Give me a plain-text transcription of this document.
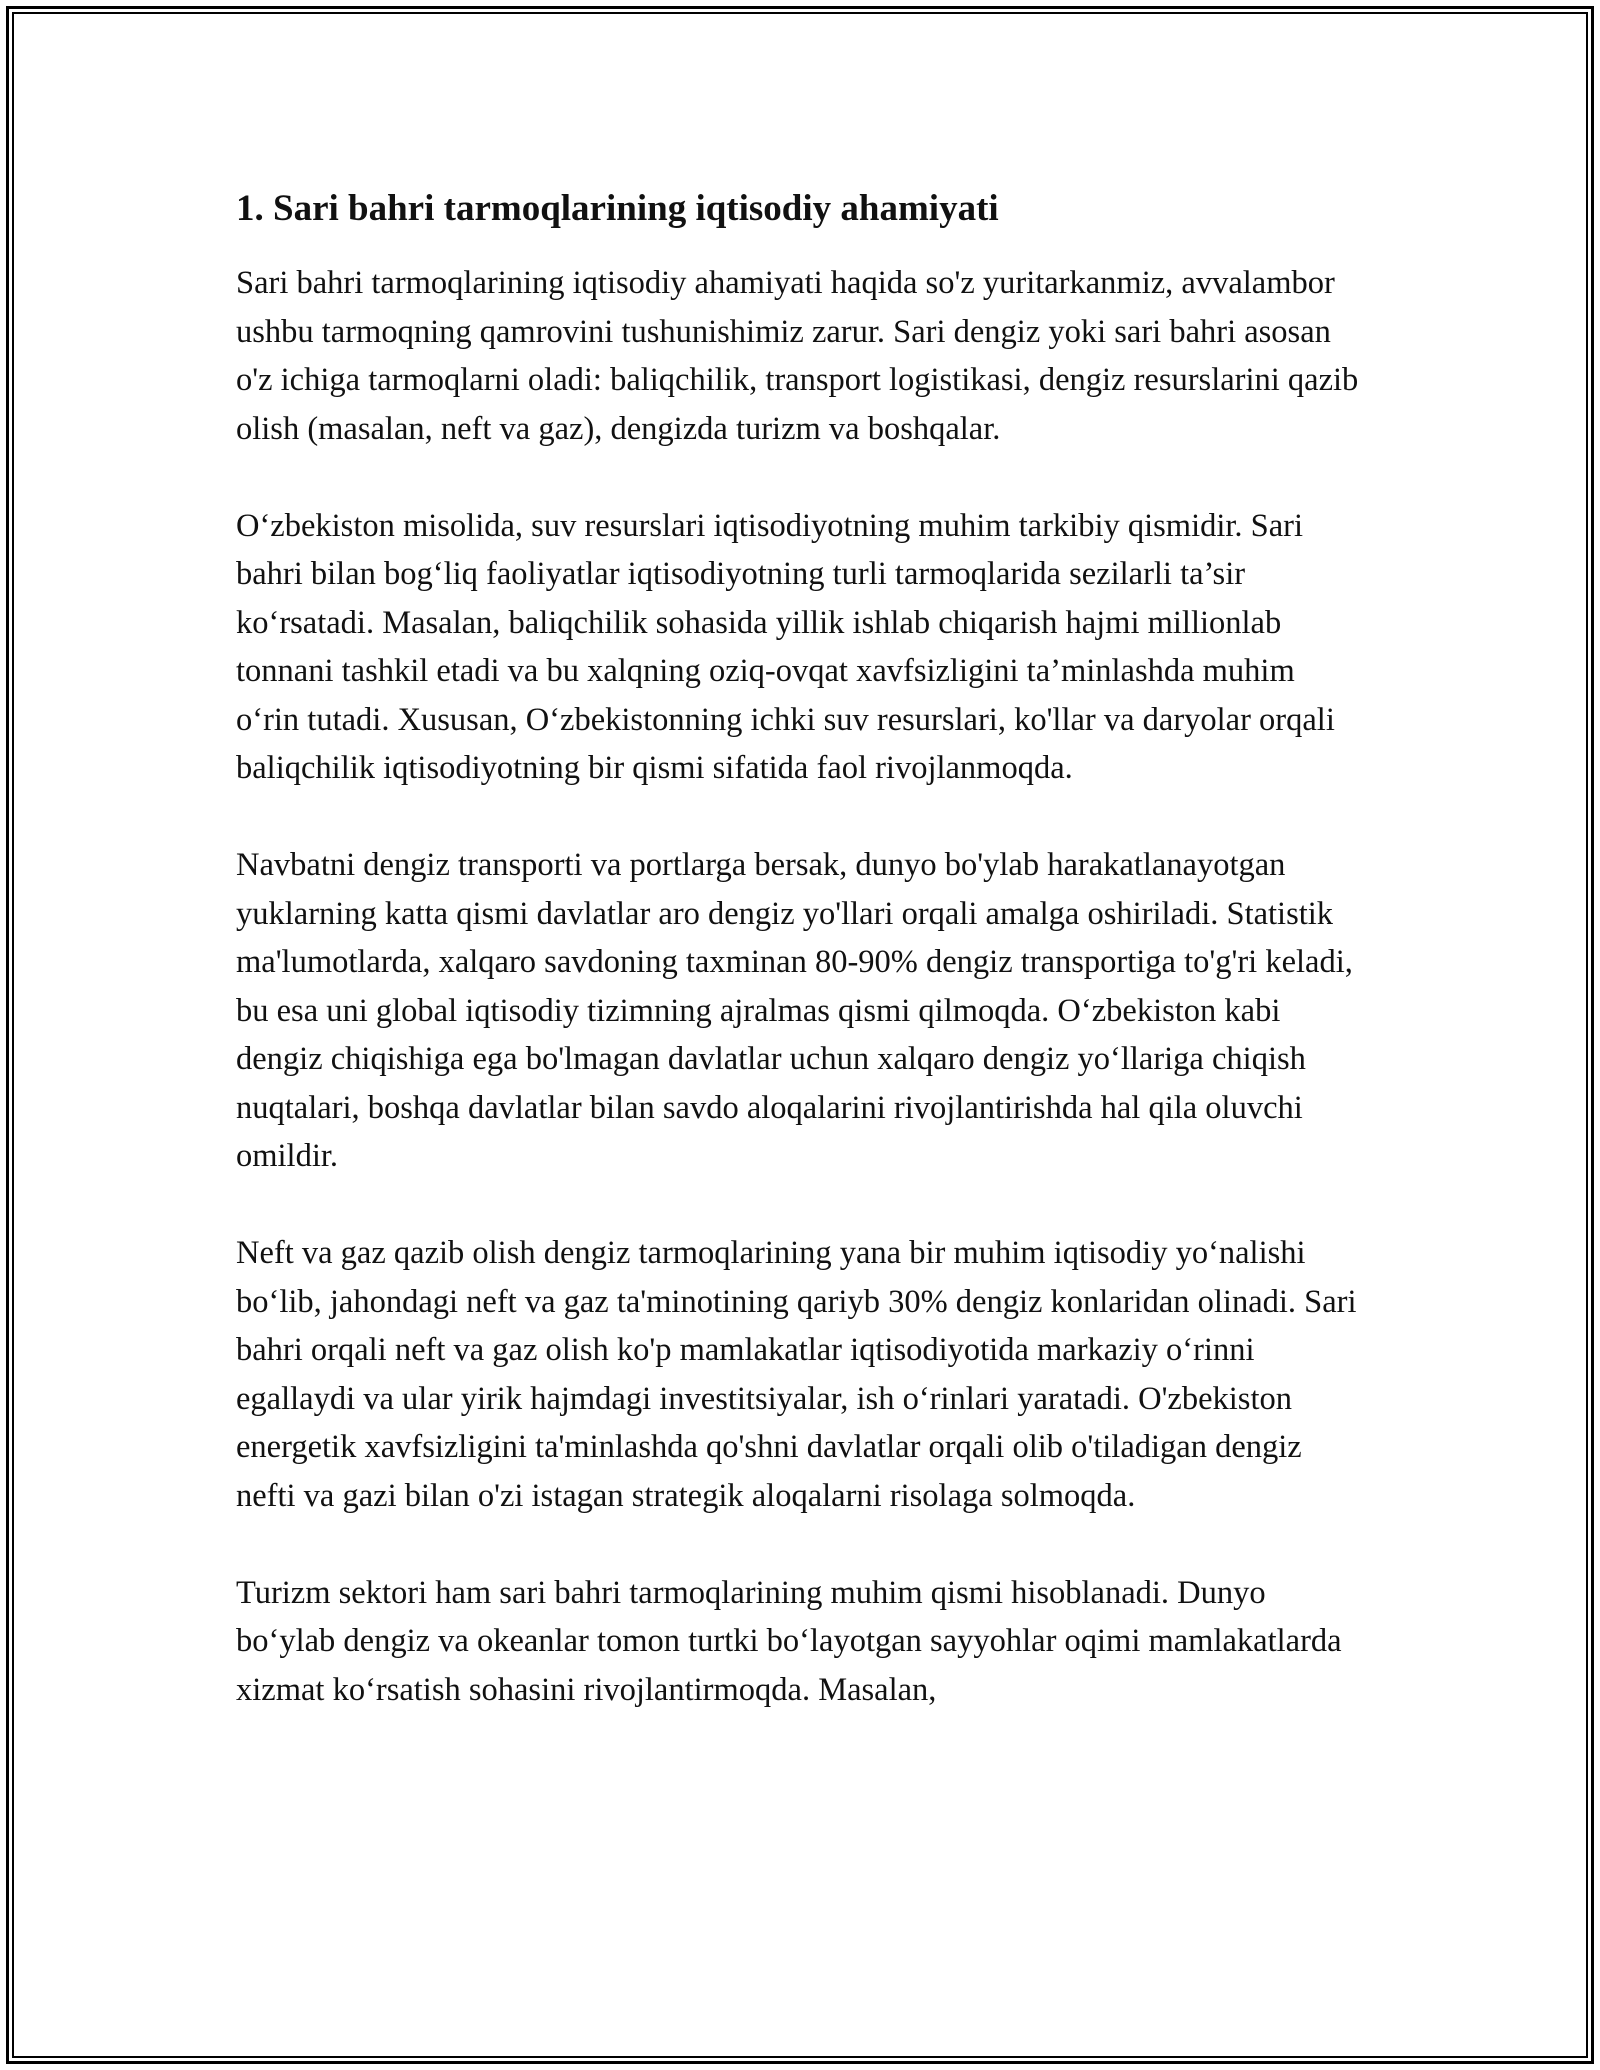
1. Sari bahri tarmoqlarining iqtisodiy ahamiyati

Sari bahri tarmoqlarining iqtisodiy ahamiyati haqida so'z yuritarkanmiz, avvalambor ushbu tarmoqning qamrovini tushunishimiz zarur. Sari dengiz yoki sari bahri asosan o'z ichiga tarmoqlarni oladi: baliqchilik, transport logistikasi, dengiz resurslarini qazib olish (masalan, neft va gaz), dengizda turizm va boshqalar.

O‘zbekiston misolida, suv resurslari iqtisodiyotning muhim tarkibiy qismidir. Sari bahri bilan bog‘liq faoliyatlar iqtisodiyotning turli tarmoqlarida sezilarli ta’sir ko‘rsatadi. Masalan, baliqchilik sohasida yillik ishlab chiqarish hajmi millionlab tonnani tashkil etadi va bu xalqning oziq-ovqat xavfsizligini ta’minlashda muhim o‘rin tutadi. Xususan, O‘zbekistonning ichki suv resurslari, ko'llar va daryolar orqali baliqchilik iqtisodiyotning bir qismi sifatida faol rivojlanmoqda.

Navbatni dengiz transporti va portlarga bersak, dunyo bo'ylab harakatlanayotgan yuklarning katta qismi davlatlar aro dengiz yo'llari orqali amalga oshiriladi. Statistik ma'lumotlarda, xalqaro savdoning taxminan 80-90% dengiz transportiga to'g'ri keladi, bu esa uni global iqtisodiy tizimning ajralmas qismi qilmoqda. O‘zbekiston kabi dengiz chiqishiga ega bo'lmagan davlatlar uchun xalqaro dengiz yo‘llariga chiqish nuqtalari, boshqa davlatlar bilan savdo aloqalarini rivojlantirishda hal qila oluvchi omildir.

Neft va gaz qazib olish dengiz tarmoqlarining yana bir muhim iqtisodiy yo‘nalishi bo‘lib, jahondagi neft va gaz ta'minotining qariyb 30% dengiz konlaridan olinadi. Sari bahri orqali neft va gaz olish ko'p mamlakatlar iqtisodiyotida markaziy o‘rinni egallaydi va ular yirik hajmdagi investitsiyalar, ish o‘rinlari yaratadi. O'zbekiston energetik xavfsizligini ta'minlashda qo'shni davlatlar orqali olib o'tiladigan dengiz nefti va gazi bilan o'zi istagan strategik aloqalarni risolaga solmoqda.

Turizm sektori ham sari bahri tarmoqlarining muhim qismi hisoblanadi. Dunyo bo‘ylab dengiz va okeanlar tomon turtki bo‘layotgan sayyohlar oqimi mamlakatlarda xizmat ko‘rsatish sohasini rivojlantirmoqda. Masalan,
